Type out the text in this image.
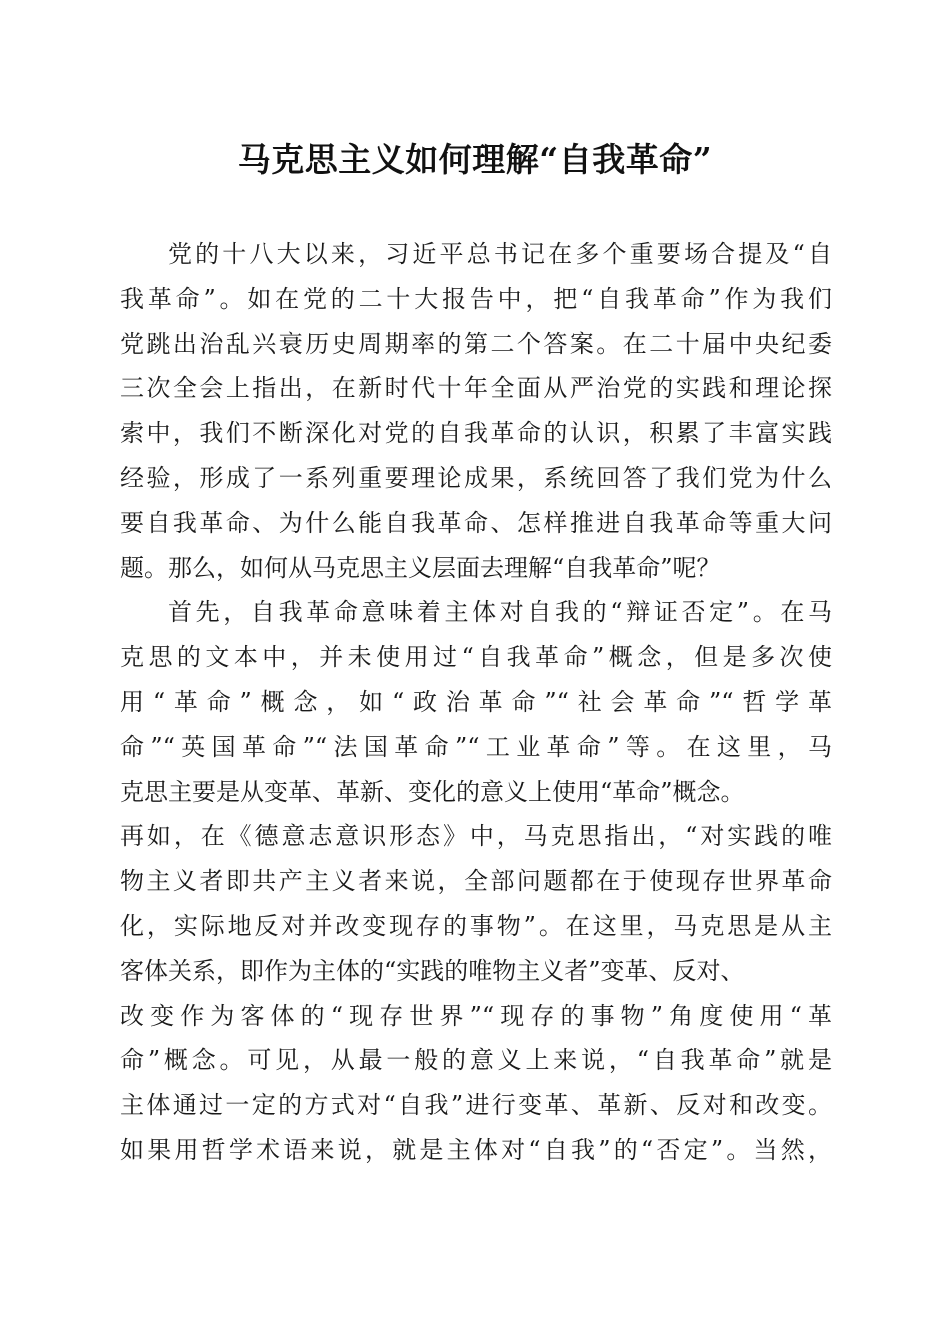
马克思主义如何理解“自我革命”
党的十八大以来，习近平总书记在多个重要场合提及“自
我革命”。如在党的二十大报告中，把“自我革命”作为我们
党跳出治乱兴衰历史周期率的第二个答案。在二十届中央纪委
三次全会上指出，在新时代十年全面从严治党的实践和理论探
索中，我们不断深化对党的自我革命的认识，积累了丰富实践
经验，形成了一系列重要理论成果，系统回答了我们党为什么
要自我革命、为什么能自我革命、怎样推进自我革命等重大问
题。那么，如何从马克思主义层面去理解“自我革命”呢？
首先，自我革命意味着主体对自我的“辩证否定”。在马
克思的文本中，并未使用过“自我革命”概念，但是多次使
用“革命”概念，如“政治革命”“社会革命”“哲学革
命”“英国革命”“法国革命”“工业革命”等。在这里，马
克思主要是从变革、革新、变化的意义上使用“革命”概念。
再如，在《德意志意识形态》中，马克思指出，“对实践的唯
物主义者即共产主义者来说，全部问题都在于使现存世界革命
化，实际地反对并改变现存的事物”。在这里，马克思是从主
客体关系，即作为主体的“实践的唯物主义者”变革、反对、
改变作为客体的“现存世界”“现存的事物”角度使用“革
命”概念。可见，从最一般的意义上来说，“自我革命”就是
主体通过一定的方式对“自我”进行变革、革新、反对和改变。
如果用哲学术语来说，就是主体对“自我”的“否定”。当然，
